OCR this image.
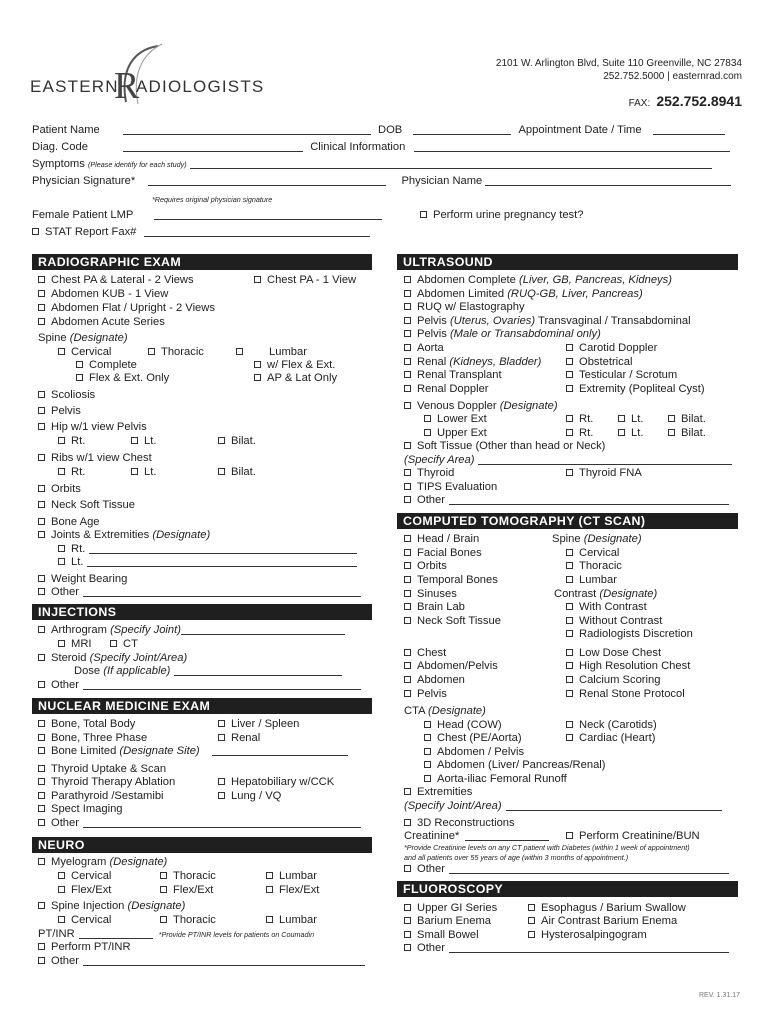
EASTERN
R
ADIOLOGISTS
2101 W. Arlington Blvd, Suite 110 Greenville, NC 27834
252.752.5000 | easternrad.com
FAX: 252.752.8941
Patient Name	DOB	Appointment Date / Time
Diag. Code	Clinical Information
Symptoms (Please identify for each study)
Physician Signature*	Physician Name
*Requires original physician signature
Female Patient LMP	Perform urine pregnancy test?
STAT Report Fax#
RADIOGRAPHIC EXAM
Chest PA & Lateral - 2 Views	Chest PA - 1 View
Abdomen KUB - 1 View
Abdomen Flat / Upright - 2 Views
Abdomen Acute Series
Spine (Designate)
Cervical	Thoracic	Lumbar
Complete	w/ Flex & Ext.
Flex & Ext. Only	AP & Lat Only
Scoliosis
Pelvis
Hip w/1 view Pelvis
Rt.	Lt.	Bilat.
Ribs w/1 view Chest
Rt.	Lt.	Bilat.
Orbits
Neck Soft Tissue
Bone Age
Joints & Extremities (Designate)
Rt.
Lt.
Weight Bearing
Other
INJECTIONS
Arthrogram (Specify Joint)
MRI	CT
Steroid (Specify Joint/Area)
Dose (If applicable)
Other
NUCLEAR MEDICINE EXAM
Bone, Total Body	Liver / Spleen
Bone, Three Phase	Renal
Bone Limited (Designate Site)
Thyroid Uptake & Scan
Thyroid Therapy Ablation	Hepatobiliary w/CCK
Parathyroid /Sestamibi	Lung / VQ
Spect Imaging
Other
NEURO
Myelogram (Designate)
Cervical	Thoracic	Lumbar
Flex/Ext	Flex/Ext	Flex/Ext
Spine Injection (Designate)
Cervical	Thoracic	Lumbar
PT/INR	*Provide PT/INR levels for patients on Coumadin
Perform PT/INR
Other
ULTRASOUND
Abdomen Complete (Liver, GB, Pancreas, Kidneys)
Abdomen Limited (RUQ-GB, Liver, Pancreas)
RUQ w/ Elastography
Pelvis (Uterus, Ovaries) Transvaginal / Transabdominal
Pelvis (Male or Transabdominal only)
Aorta	Carotid Doppler
Renal (Kidneys, Bladder)	Obstetrical
Renal Transplant	Testicular / Scrotum
Renal Doppler	Extremity (Popliteal Cyst)
Venous Doppler (Designate)
Lower Ext	Rt.	Lt.	Bilat.
Upper Ext	Rt.	Lt.	Bilat.
Soft Tissue (Other than head or Neck)
(Specify Area)
Thyroid	Thyroid FNA
TIPS Evaluation
Other
COMPUTED TOMOGRAPHY (CT SCAN)
Head / Brain	Spine (Designate)
Facial Bones	Cervical
Orbits	Thoracic
Temporal Bones	Lumbar
Sinuses	Contrast (Designate)
Brain Lab	With Contrast
Neck Soft Tissue	Without Contrast
Radiologists Discretion
Chest	Low Dose Chest
Abdomen/Pelvis	High Resolution Chest
Abdomen	Calcium Scoring
Pelvis	Renal Stone Protocol
CTA (Designate)
Head (COW)	Neck (Carotids)
Chest (PE/Aorta)	Cardiac (Heart)
Abdomen / Pelvis
Abdomen (Liver/ Pancreas/Renal)
Aorta-iliac Femoral Runoff
Extremities
(Specify Joint/Area)
3D Reconstructions
Creatinine*	Perform Creatinine/BUN
*Provide Creatinine levels on any CT patient with Diabetes (within 1 week of appointment)
and all patients over 55 years of age (within 3 months of appointment.)
Other
FLUOROSCOPY
Upper GI Series	Esophagus / Barium Swallow
Barium Enema	Air Contrast Barium Enema
Small Bowel	Hysterosalpingogram
Other
REV. 1.31.17
